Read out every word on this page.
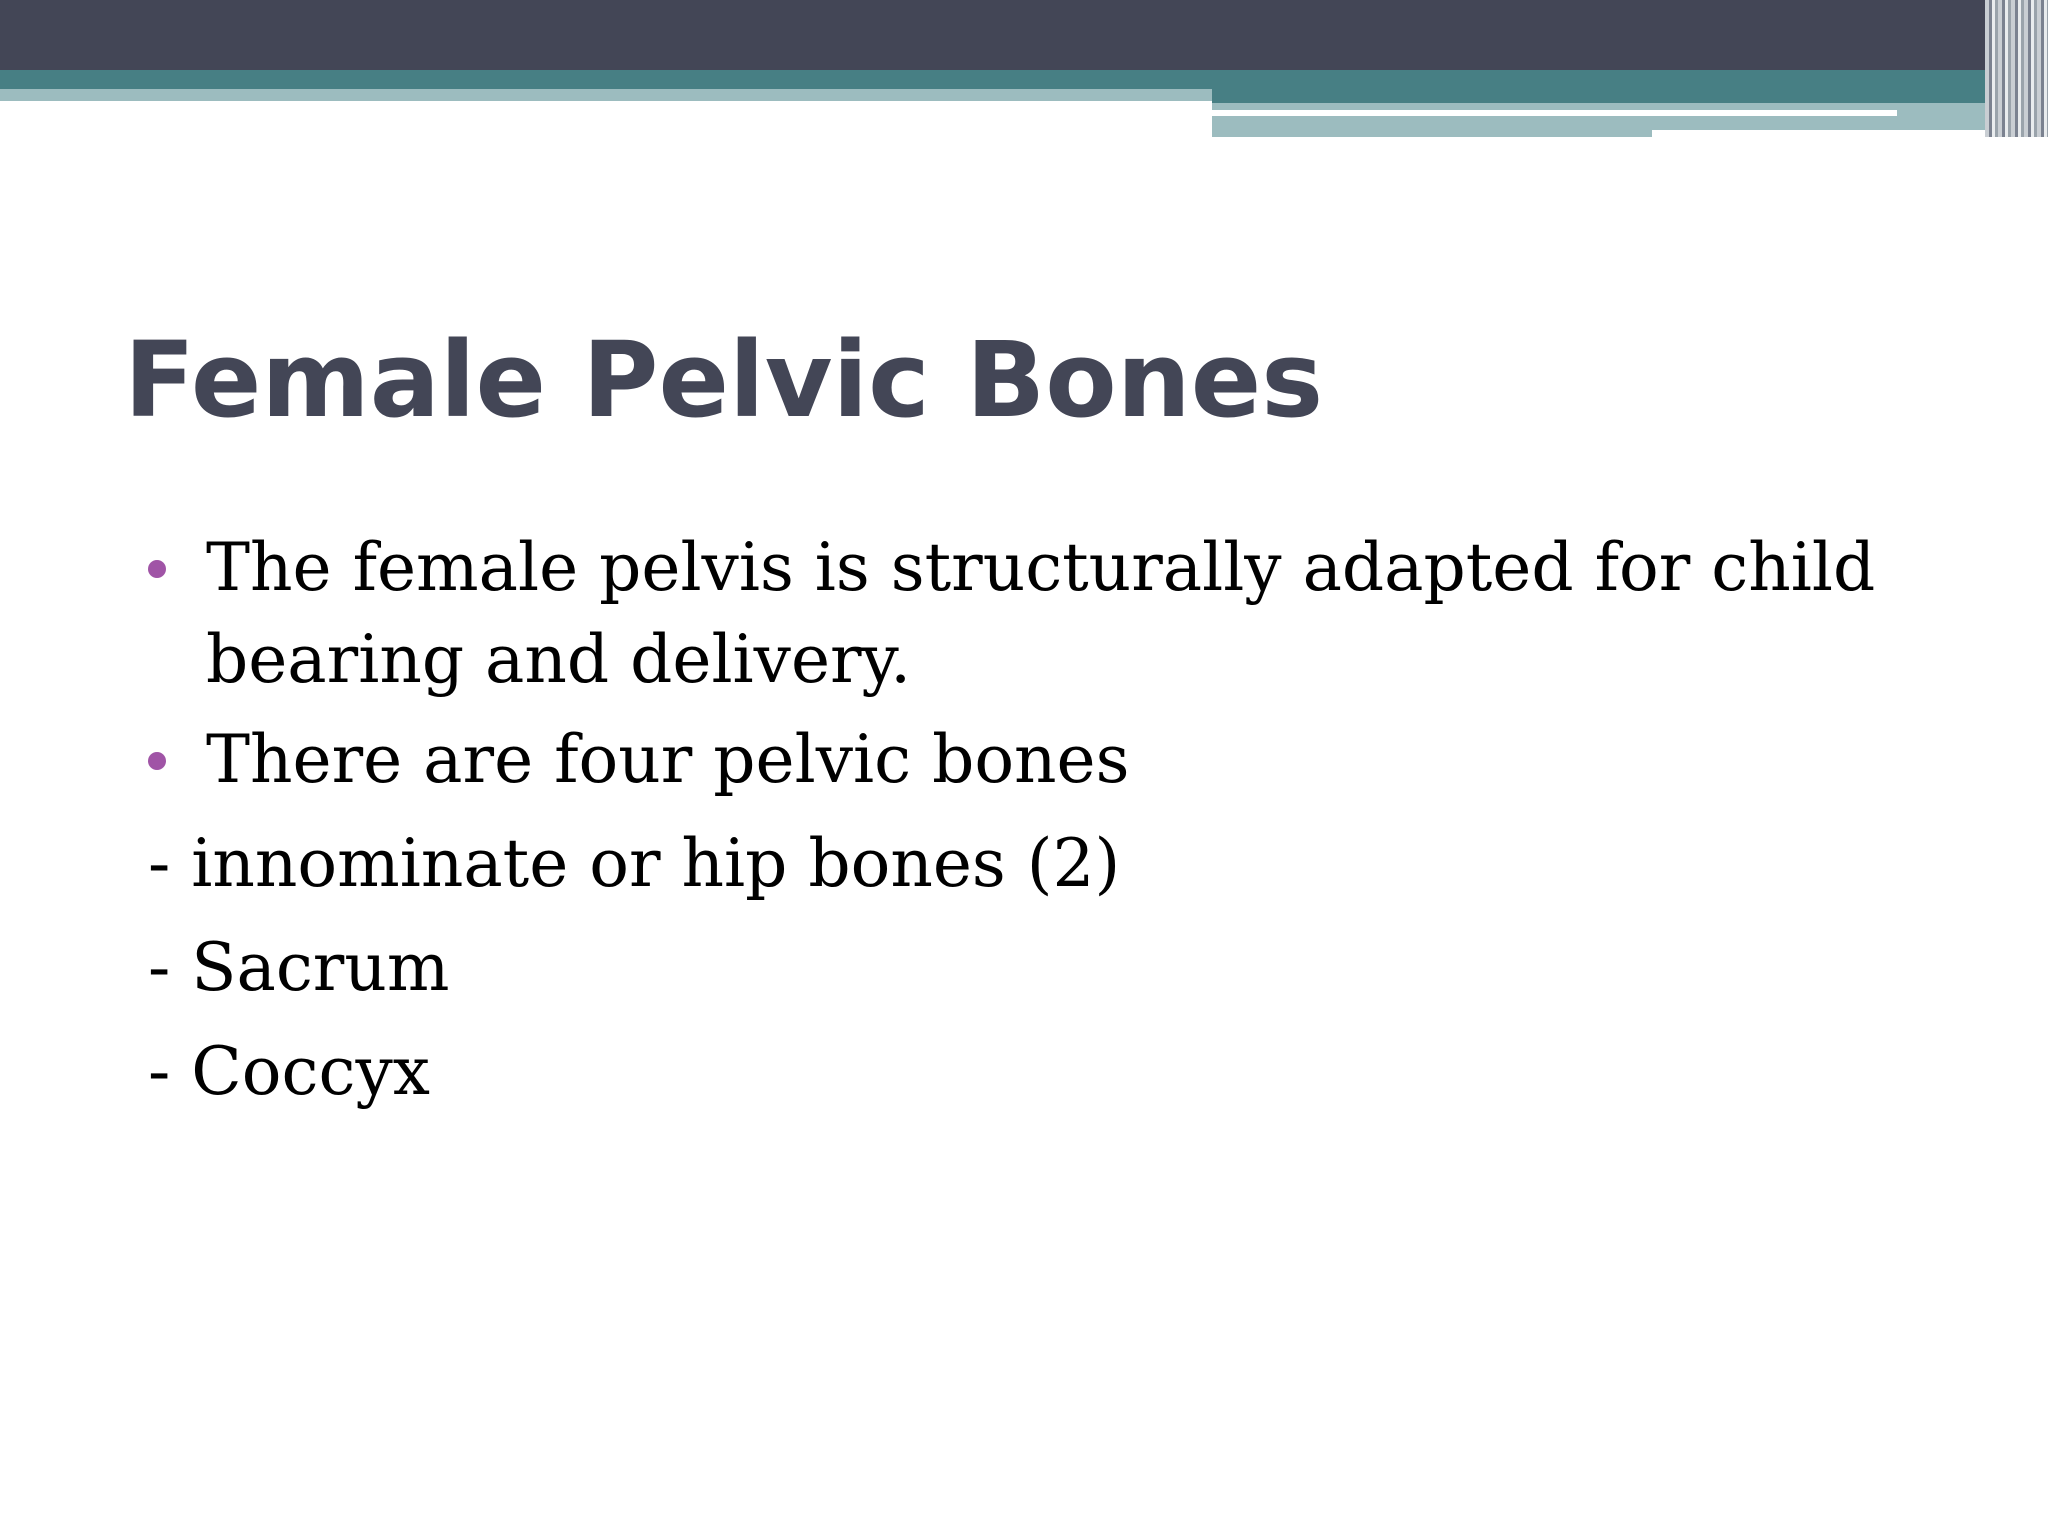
Female Pelvic Bones
The female pelvis is structurally adapted for child bearing and delivery.
There are four pelvic bones
- innominate or hip bones (2)
- Sacrum
- Coccyx
